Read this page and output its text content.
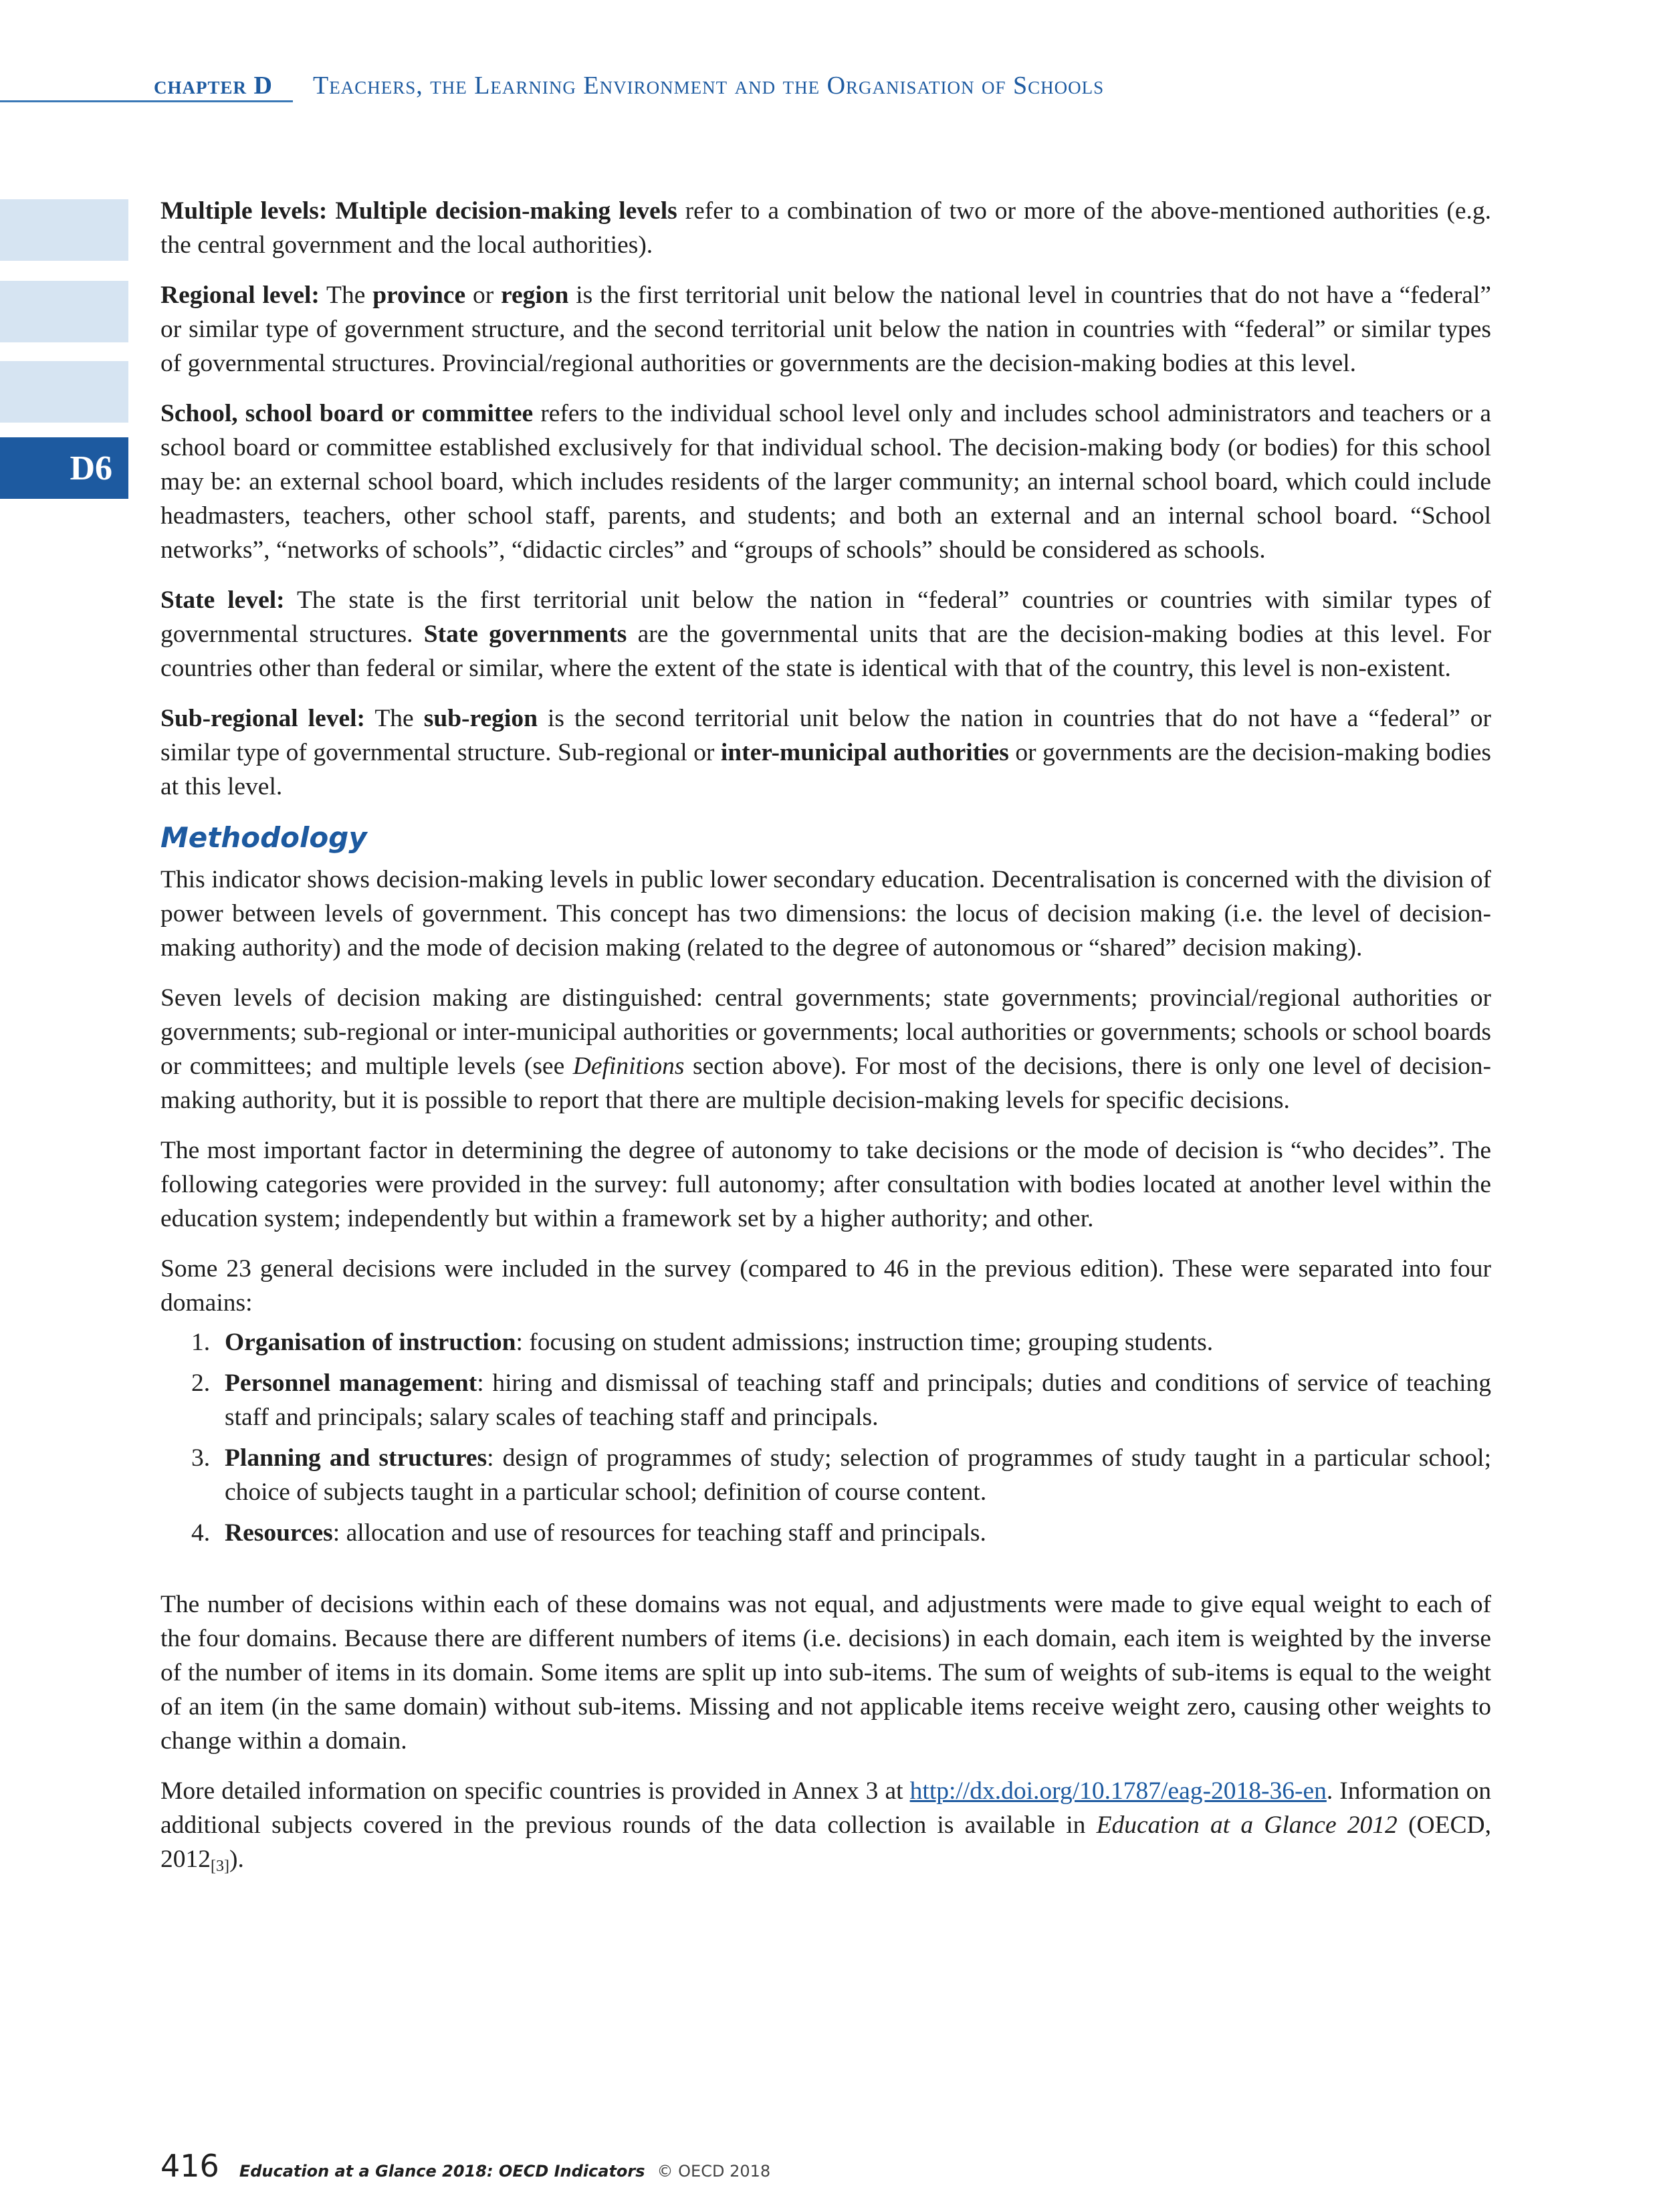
chapter D Teachers, the Learning Environment and the Organisation of Schools
D6

Multiple levels: Multiple decision-making levels refer to a combination of two or more of the above-mentioned authorities (e.g. the central government and the local authorities).

Regional level: The province or region is the first territorial unit below the national level in countries that do not have a “federal” or similar type of government structure, and the second territorial unit below the nation in countries with “federal” or similar types of governmental structures. Provincial/regional authorities or governments are the decision-making bodies at this level.

School, school board or committee refers to the individual school level only and includes school administrators and teachers or a school board or committee established exclusively for that individual school. The decision-making body (or bodies) for this school may be: an external school board, which includes residents of the larger community; an internal school board, which could include headmasters, teachers, other school staff, parents, and students; and both an external and an internal school board. “School networks”, “networks of schools”, “didactic circles” and “groups of schools” should be considered as schools.

State level: The state is the first territorial unit below the nation in “federal” countries or countries with similar types of governmental structures. State governments are the governmental units that are the decision-making bodies at this level. For countries other than federal or similar, where the extent of the state is identical with that of the country, this level is non-existent.

Sub-regional level: The sub-region is the second territorial unit below the nation in countries that do not have a “federal” or similar type of governmental structure. Sub-regional or inter-municipal authorities or governments are the decision-making bodies at this level.

Methodology

This indicator shows decision-making levels in public lower secondary education. Decentralisation is concerned with the division of power between levels of government. This concept has two dimensions: the locus of decision making (i.e. the level of decision-making authority) and the mode of decision making (related to the degree of autonomous or “shared” decision making).

Seven levels of decision making are distinguished: central governments; state governments; provincial/regional authorities or governments; sub-regional or inter-municipal authorities or governments; local authorities or governments; schools or school boards or committees; and multiple levels (see Definitions section above). For most of the decisions, there is only one level of decision-making authority, but it is possible to report that there are multiple decision-making levels for specific decisions.

The most important factor in determining the degree of autonomy to take decisions or the mode of decision is “who decides”. The following categories were provided in the survey: full autonomy; after consultation with bodies located at another level within the education system; independently but within a framework set by a higher authority; and other.

Some 23 general decisions were included in the survey (compared to 46 in the previous edition). These were separated into four domains:

1. Organisation of instruction: focusing on student admissions; instruction time; grouping students.
2. Personnel management: hiring and dismissal of teaching staff and principals; duties and conditions of service of teaching staff and principals; salary scales of teaching staff and principals.
3. Planning and structures: design of programmes of study; selection of programmes of study taught in a particular school; choice of subjects taught in a particular school; definition of course content.
4. Resources: allocation and use of resources for teaching staff and principals.

The number of decisions within each of these domains was not equal, and adjustments were made to give equal weight to each of the four domains. Because there are different numbers of items (i.e. decisions) in each domain, each item is weighted by the inverse of the number of items in its domain. Some items are split up into sub-items. The sum of weights of sub-items is equal to the weight of an item (in the same domain) without sub-items. Missing and not applicable items receive weight zero, causing other weights to change within a domain.

More detailed information on specific countries is provided in Annex 3 at http://dx.doi.org/10.1787/eag-2018-36-en. Information on additional subjects covered in the previous rounds of the data collection is available in Education at a Glance 2012 (OECD, $2012_{[3]}$).

416 Education at a Glance 2018: OECD Indicators © OECD 2018
